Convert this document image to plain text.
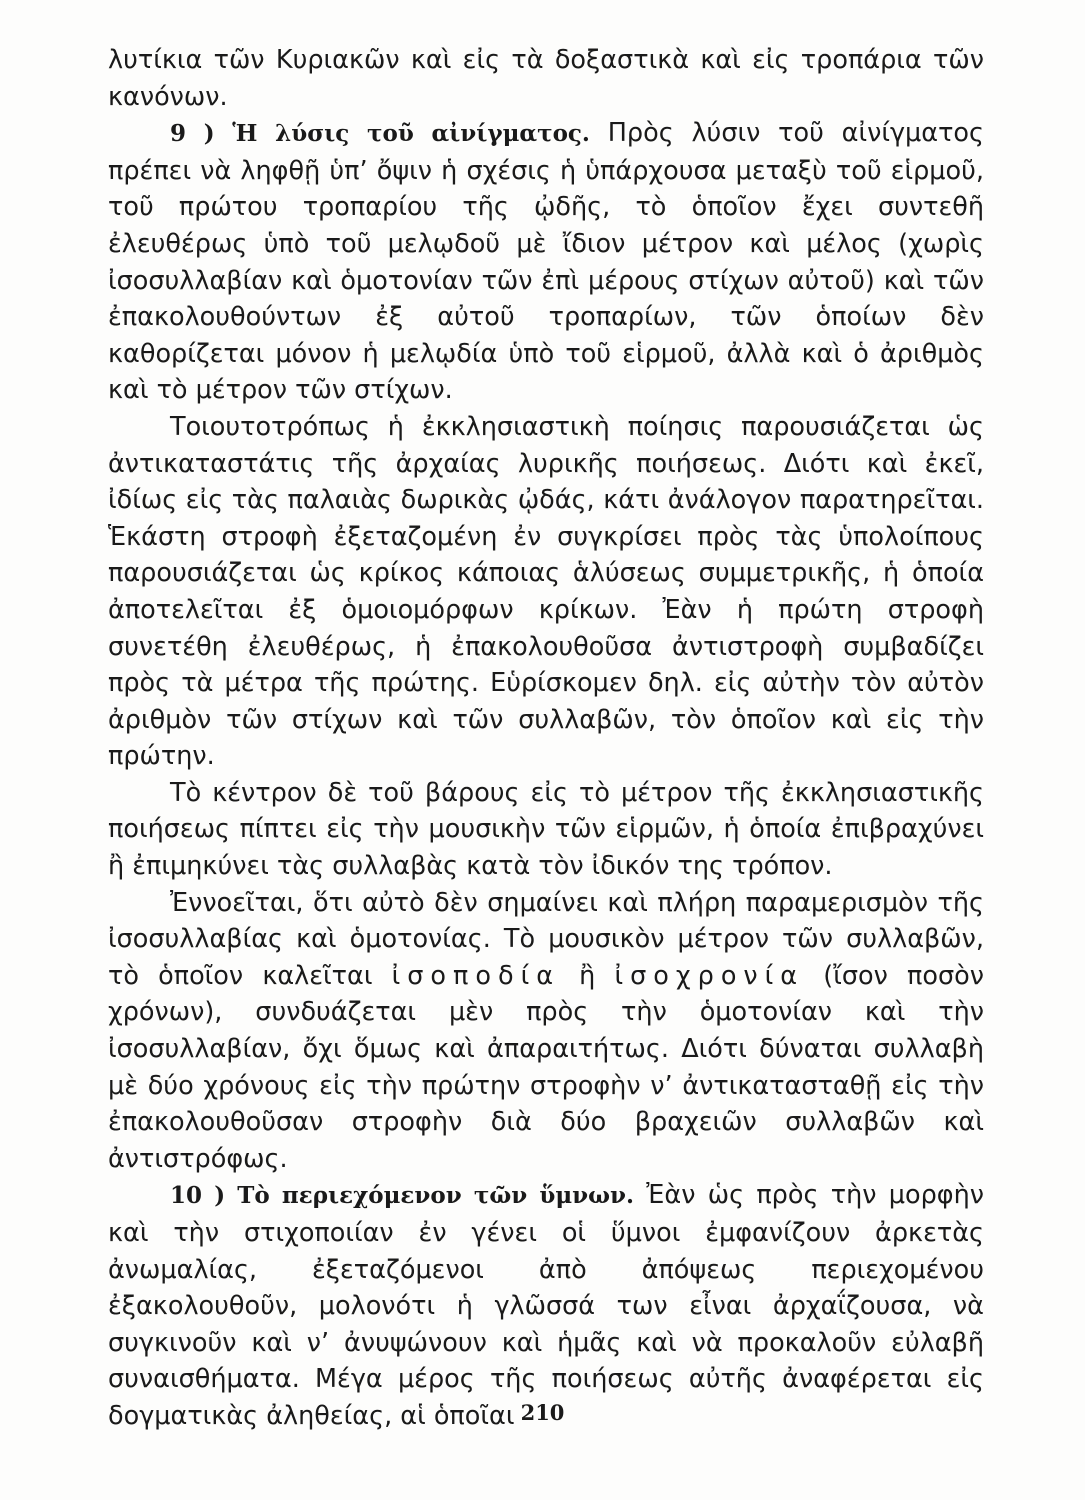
λυτίκια τῶν Κυριακῶν καὶ εἰς τὰ δοξαστικὰ καὶ εἰς τροπάρια τῶν κανόνων.

9 ) Ἡ λύσις τοῦ αἰνίγματος. Πρὸς λύσιν τοῦ αἰνίγματος πρέπει νὰ ληφθῇ ὑπ’ ὄψιν ἡ σχέσις ἡ ὑπάρχουσα μεταξὺ τοῦ εἱρμοῦ, τοῦ πρώτου τροπαρίου τῆς ᾠδῆς, τὸ ὁποῖον ἔχει συντεθῆ ἐλευθέρως ὑπὸ τοῦ μελῳδοῦ μὲ ἴδιον μέτρον καὶ μέλος (χωρὶς ἰσοσυλλαβίαν καὶ ὁμοτονίαν τῶν ἐπὶ μέρους στίχων αὐτοῦ) καὶ τῶν ἐπακολουθούντων ἐξ αὐτοῦ τροπαρίων, τῶν ὁποίων δὲν καθορίζεται μόνον ἡ μελῳδία ὑπὸ τοῦ εἱρμοῦ, ἀλλὰ καὶ ὁ ἀριθμὸς καὶ τὸ μέτρον τῶν στίχων.

Τοιουτοτρόπως ἡ ἐκκλησιαστικὴ ποίησις παρουσιάζεται ὡς ἀντικαταστάτις τῆς ἀρχαίας λυρικῆς ποιήσεως. Διότι καὶ ἐκεῖ, ἰδίως εἰς τὰς παλαιὰς δωρικὰς ᾠδάς, κάτι ἀνάλογον παρατηρεῖται. Ἑκάστη στροφὴ ἐξεταζομένη ἐν συγκρίσει πρὸς τὰς ὑπολοίπους παρουσιάζεται ὡς κρίκος κάποιας ἁλύσεως συμμετρικῆς, ἡ ὁποία ἀποτελεῖται ἐξ ὁμοιομόρφων κρίκων. Ἐὰν ἡ πρώτη στροφὴ συνετέθη ἐλευθέρως, ἡ ἐπακολουθοῦσα ἀντιστροφὴ συμβαδίζει πρὸς τὰ μέτρα τῆς πρώτης. Εὑρίσκομεν δηλ. εἰς αὐτὴν τὸν αὐτὸν ἀριθμὸν τῶν στίχων καὶ τῶν συλλαβῶν, τὸν ὁποῖον καὶ εἰς τὴν πρώτην.

Τὸ κέντρον δὲ τοῦ βάρους εἰς τὸ μέτρον τῆς ἐκκλησιαστικῆς ποιήσεως πίπτει εἰς τὴν μουσικὴν τῶν εἱρμῶν, ἡ ὁποία ἐπιβραχύνει ἢ ἐπιμηκύνει τὰς συλλαβὰς κατὰ τὸν ἰδικόν της τρόπον.

Ἐννοεῖται, ὅτι αὐτὸ δὲν σημαίνει καὶ πλήρη παραμερισμὸν τῆς ἰσοσυλλαβίας καὶ ὁμοτονίας. Τὸ μουσικὸν μέτρον τῶν συλλαβῶν, τὸ ὁποῖον καλεῖται ἰσοποδία ἢ ἰσοχρονία (ἴσον ποσὸν χρόνων), συνδυάζεται μὲν πρὸς τὴν ὁμοτονίαν καὶ τὴν ἰσοσυλλαβίαν, ὄχι ὅμως καὶ ἀπαραιτήτως. Διότι δύναται συλλαβὴ μὲ δύο χρόνους εἰς τὴν πρώτην στροφὴν ν’ ἀντικατασταθῇ εἰς τὴν ἐπακολουθοῦσαν στροφὴν διὰ δύο βραχειῶν συλλαβῶν καὶ ἀντιστρόφως.

10 ) Τὸ περιεχόμενον τῶν ὕμνων. Ἐὰν ὡς πρὸς τὴν μορφὴν καὶ τὴν στιχοποιίαν ἐν γένει οἱ ὕμνοι ἐμφανίζουν ἀρκετὰς ἀνωμαλίας, ἐξεταζόμενοι ἀπὸ ἀπόψεως περιεχομένου ἐξακολουθοῦν, μολονότι ἡ γλῶσσά των εἶναι ἀρχαΐζουσα, νὰ συγκινοῦν καὶ ν’ ἀνυψώνουν καὶ ἡμᾶς καὶ νὰ προκαλοῦν εὐλαβῆ συναισθήματα. Μέγα μέρος τῆς ποιήσεως αὐτῆς ἀναφέρεται εἰς δογματικὰς ἀληθείας, αἱ ὁποῖαι 210
